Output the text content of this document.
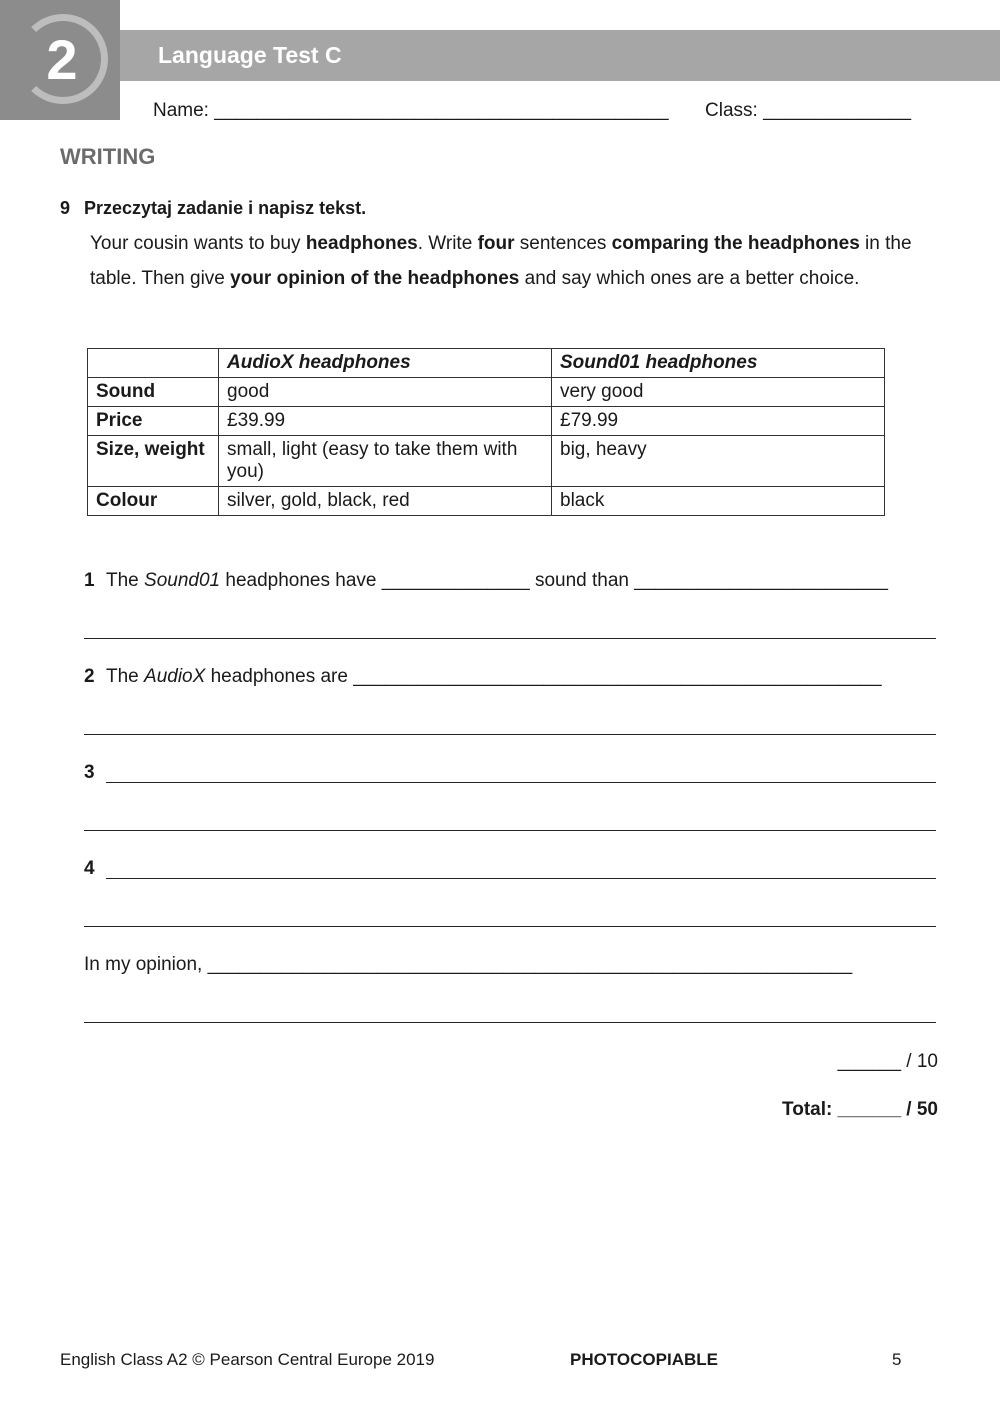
2	Language Test C
Name: ___________________________________________ Class: ______________
WRITING
9 Przeczytaj zadanie i napisz tekst.
Your cousin wants to buy headphones. Write four sentences comparing the headphones in the table. Then give your opinion of the headphones and say which ones are a better choice.
	AudioX headphones	Sound01 headphones
Sound	good	very good
Price	£39.99	£79.99
Size, weight	small, light (easy to take them with you)	big, heavy
Colour	silver, gold, black, red	black
1 The Sound01 headphones have ______________ sound than ________________________
2 The AudioX headphones are __________________________________________________
3
4
In my opinion, _____________________________________________________________
______ / 10
Total: ______ / 50
English Class A2 © Pearson Central Europe 2019	PHOTOCOPIABLE	5
